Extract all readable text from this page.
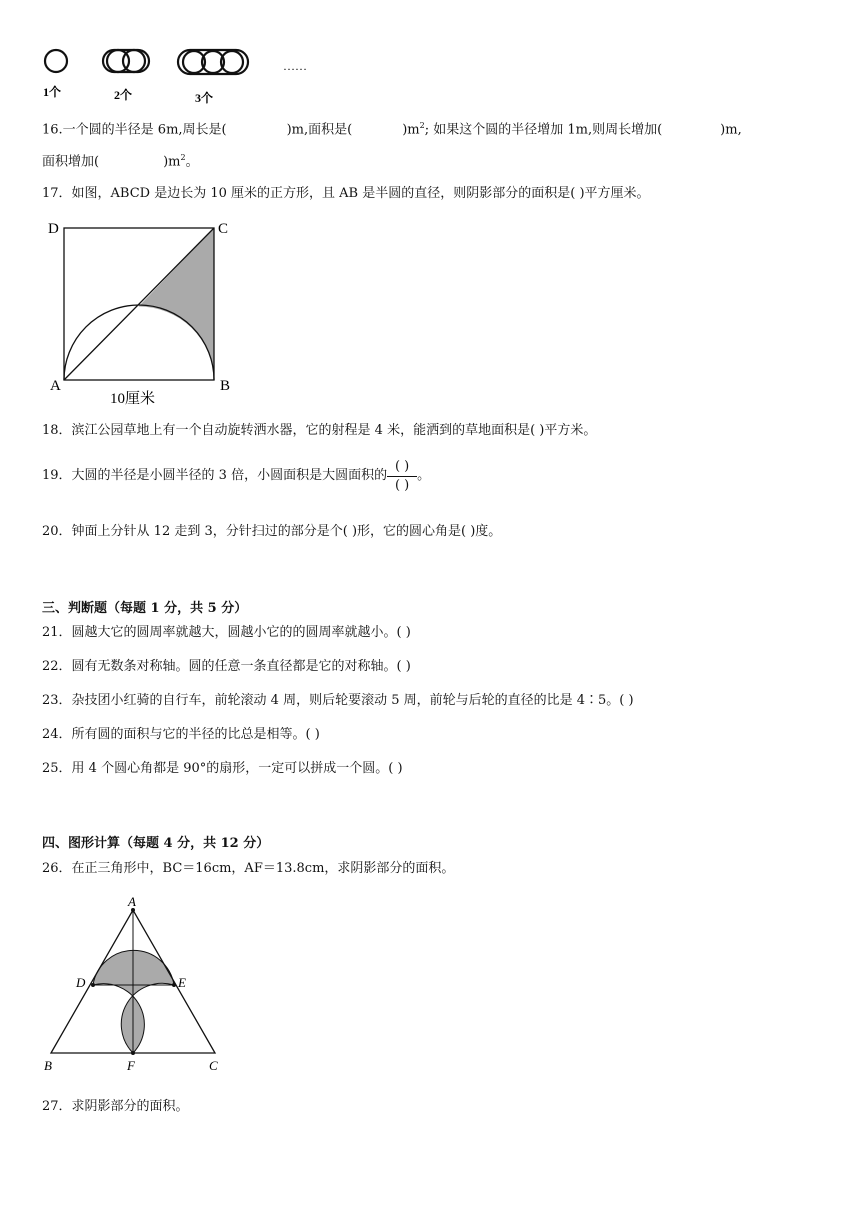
1个	2个	3个
……
16.一个圆的半径是 6m,周长是(	)m,面积是(	)$m^2$; 如果这个圆的半径增加 1m,则周长增加(	)m,
面积增加(	)$m^2$。
17．如图，ABCD 是边长为 10 厘米的正方形，且 AB 是半圆的直径，则阴影部分的面积是( )平方厘米。
D	C
A	B
10厘米
18．滨江公园草地上有一个自动旋转洒水器，它的射程是 4 米，能洒到的草地面积是( )平方米。
19．大圆的半径是小圆半径的 3 倍，小圆面积是大圆面积的 $\frac{( )}{( )}$ 。
20．钟面上分针从 12 走到 3，分针扫过的部分是个( )形，它的圆心角是( )度。
三、判断题（每题 1 分，共 5 分）
21．圆越大它的圆周率就越大，圆越小它的的圆周率就越小。( )
22．圆有无数条对称轴。圆的任意一条直径都是它的对称轴。( )
23．杂技团小红骑的自行车，前轮滚动 4 周，则后轮要滚动 5 周，前轮与后轮的直径的比是 4∶5。( )
24．所有圆的面积与它的半径的比总是相等。( )
25．用 4 个圆心角都是 90°的扇形，一定可以拼成一个圆。( )
四、图形计算（每题 4 分，共 12 分）
26．在正三角形中，BC＝16cm，AF＝13.8cm，求阴影部分的面积。
A
D	E
B	F	C
27．求阴影部分的面积。
